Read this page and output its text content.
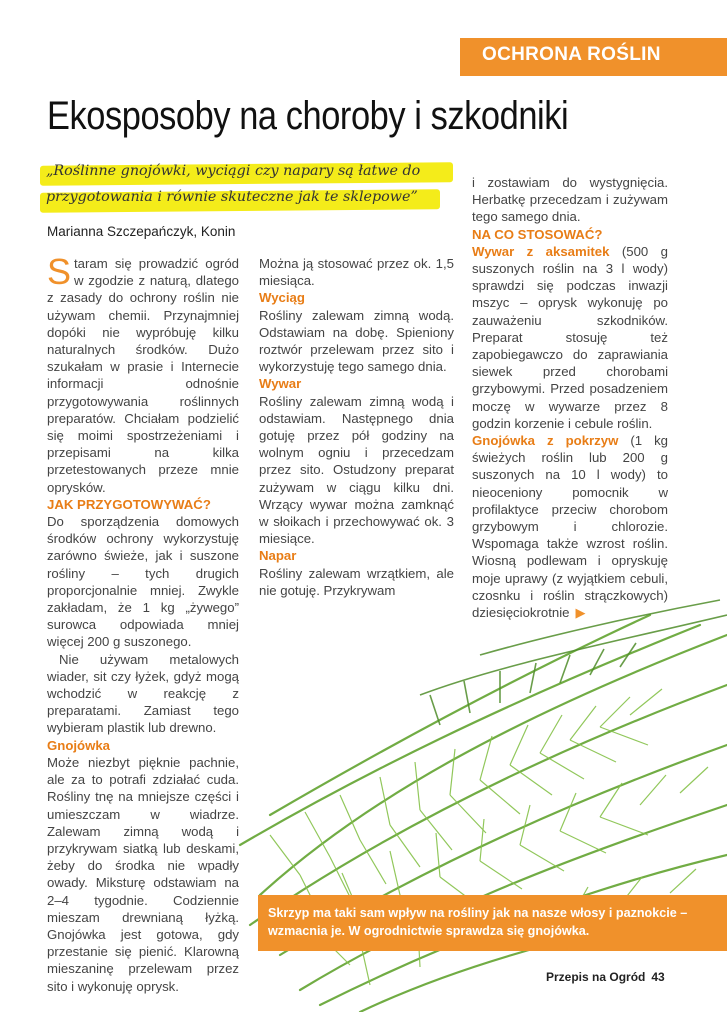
OCHRONA ROŚLIN
Ekosposoby na choroby i szkodniki
„Roślinne gnojówki, wyciągi czy napary są łatwe do
przygotowania i równie skuteczne jak te sklepowe”
Marianna Szczepańczyk, Konin

Staram się prowadzić ogród w zgodzie z naturą, dlatego z zasady do ochrony roślin nie używam chemii. Przynajmniej dopóki nie wypróbuję kilku naturalnych środków. Dużo szukałam w prasie i Internecie informacji odnośnie przygotowywania roślinnych preparatów. Chciałam podzielić się moimi spostrzeżeniami i przepisami na kilka przetestowanych przeze mnie oprysków.

JAK PRZYGOTOWYWAĆ?

Do sporządzenia domowych środków ochrony wykorzystuję zarówno świeże, jak i suszone rośliny – tych drugich proporcjonalnie mniej. Zwykle zakładam, że 1 kg „żywego” surowca odpowiada mniej więcej 200 g suszonego.

Nie używam metalowych wiader, sit czy łyżek, gdyż mogą wchodzić w reakcję z preparatami. Zamiast tego wybieram plastik lub drewno.

Gnojówka

Może niezbyt pięknie pachnie, ale za to potrafi zdziałać cuda. Rośliny tnę na mniejsze części i umieszczam w wiadrze. Zalewam zimną wodą i przykrywam siatką lub deskami, żeby do środka nie wpadły owady. Miksturę odstawiam na 2–4 tygodnie. Codziennie mieszam drewnianą łyżką. Gnojówka jest gotowa, gdy przestanie się pienić. Klarowną mieszaninę przelewam przez sito i wykonuję oprysk.

Można ją stosować przez ok. 1,5 miesiąca.

Wyciąg

Rośliny zalewam zimną wodą. Odstawiam na dobę. Spieniony roztwór przelewam przez sito i wykorzystuję tego samego dnia.

Wywar

Rośliny zalewam zimną wodą i odstawiam. Następnego dnia gotuję przez pół godziny na wolnym ogniu i przecedzam przez sito. Ostudzony preparat zużywam w ciągu kilku dni. Wrzący wywar można zamknąć w słoikach i przechowywać ok. 3 miesiące.

Napar

Rośliny zalewam wrzątkiem, ale nie gotuję. Przykrywam

i zostawiam do wystygnięcia. Herbatkę przecedzam i zużywam tego samego dnia.

NA CO STOSOWAĆ?

Wywar z aksamitek (500 g suszonych roślin na 3 l wody) sprawdzi się podczas inwazji mszyc – oprysk wykonuję po zauważeniu szkodników. Preparat stosuję też zapobiegawczo do zaprawiania siewek przed chorobami grzybowymi. Przed posadzeniem moczę w wywarze przez 8 godzin korzenie i cebule roślin.

Gnojówka z pokrzyw (1 kg świeżych roślin lub 200 g suszonych na 10 l wody) to nieoceniony pomocnik w profilaktyce przeciw chorobom grzybowym i chlorozie. Wspomaga także wzrost roślin. Wiosną podlewam i opryskuję moje uprawy (z wyjątkiem cebuli, czosnku i roślin strączkowych) dziesięciokrotnie ▶

Skrzyp ma taki sam wpływ na rośliny jak na nasze włosy i paznokcie – wzmacnia je. W ogrodnictwie sprawdza się gnojówka.
Przepis na Ogród 43
